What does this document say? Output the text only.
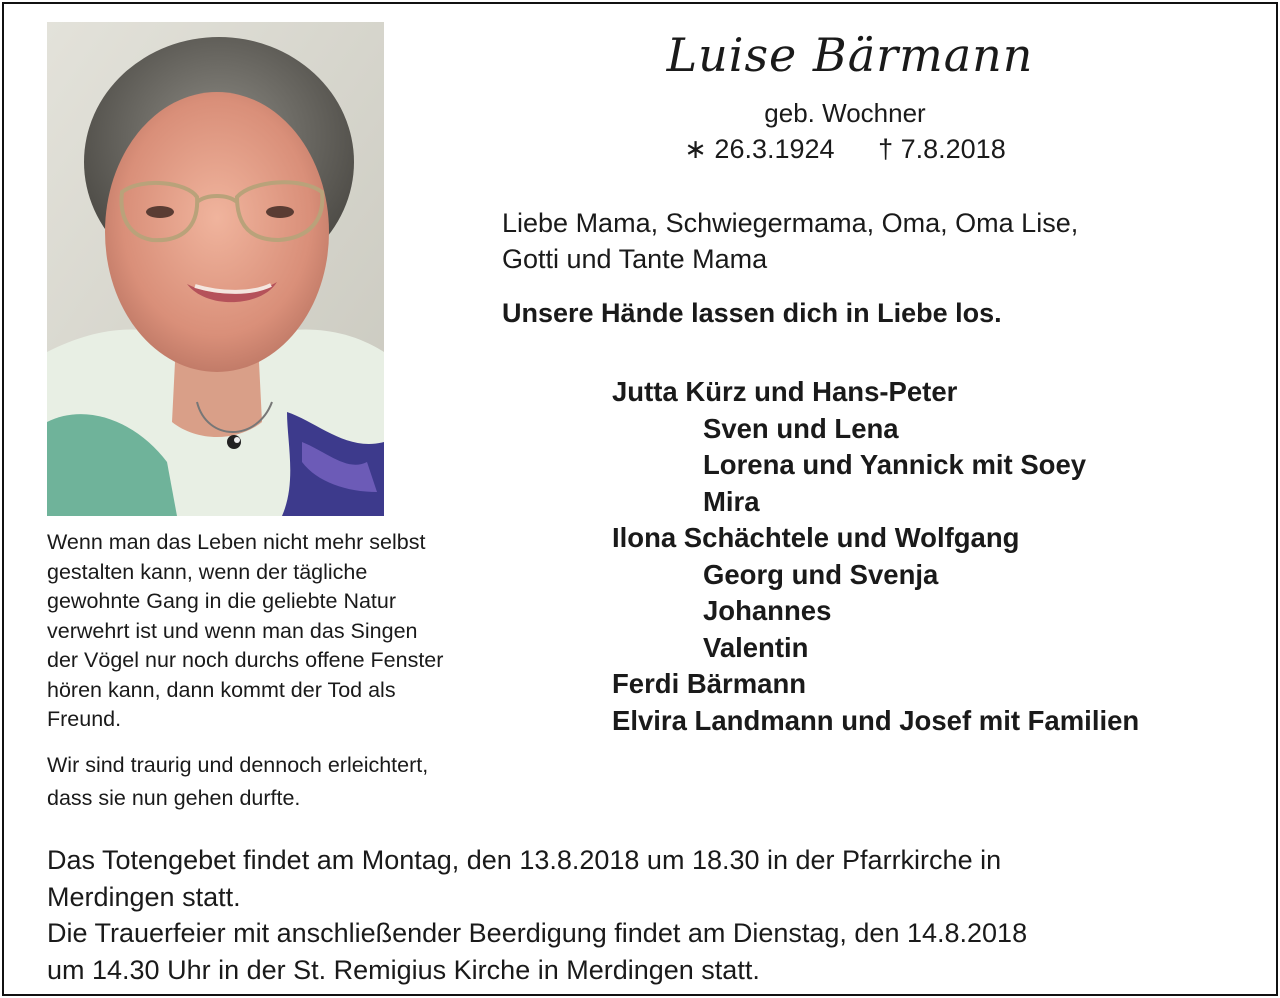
Luise Bärmann
geb. Wochner
∗ 26.3.1924 † 7.8.2018
Liebe Mama, Schwiegermama, Oma, Oma Lise,
Gotti und Tante Mama
Unsere Hände lassen dich in Liebe los.
Jutta Kürz und Hans-Peter
Sven und Lena
Lorena und Yannick mit Soey
Mira
Ilona Schächtele und Wolfgang
Georg und Svenja
Johannes
Valentin
Ferdi Bärmann
Elvira Landmann und Josef mit Familien

Wenn man das Leben nicht mehr selbst
gestalten kann, wenn der tägliche
gewohnte Gang in die geliebte Natur
verwehrt ist und wenn man das Singen
der Vögel nur noch durchs offene Fenster
hören kann, dann kommt der Tod als
Freund.

Wir sind traurig und dennoch erleichtert,
dass sie nun gehen durfte.

Das Totengebet findet am Montag, den 13.8.2018 um 18.30 in der Pfarrkirche in
Merdingen statt.
Die Trauerfeier mit anschließender Beerdigung findet am Dienstag, den 14.8.2018
um 14.30 Uhr in der St. Remigius Kirche in Merdingen statt.
